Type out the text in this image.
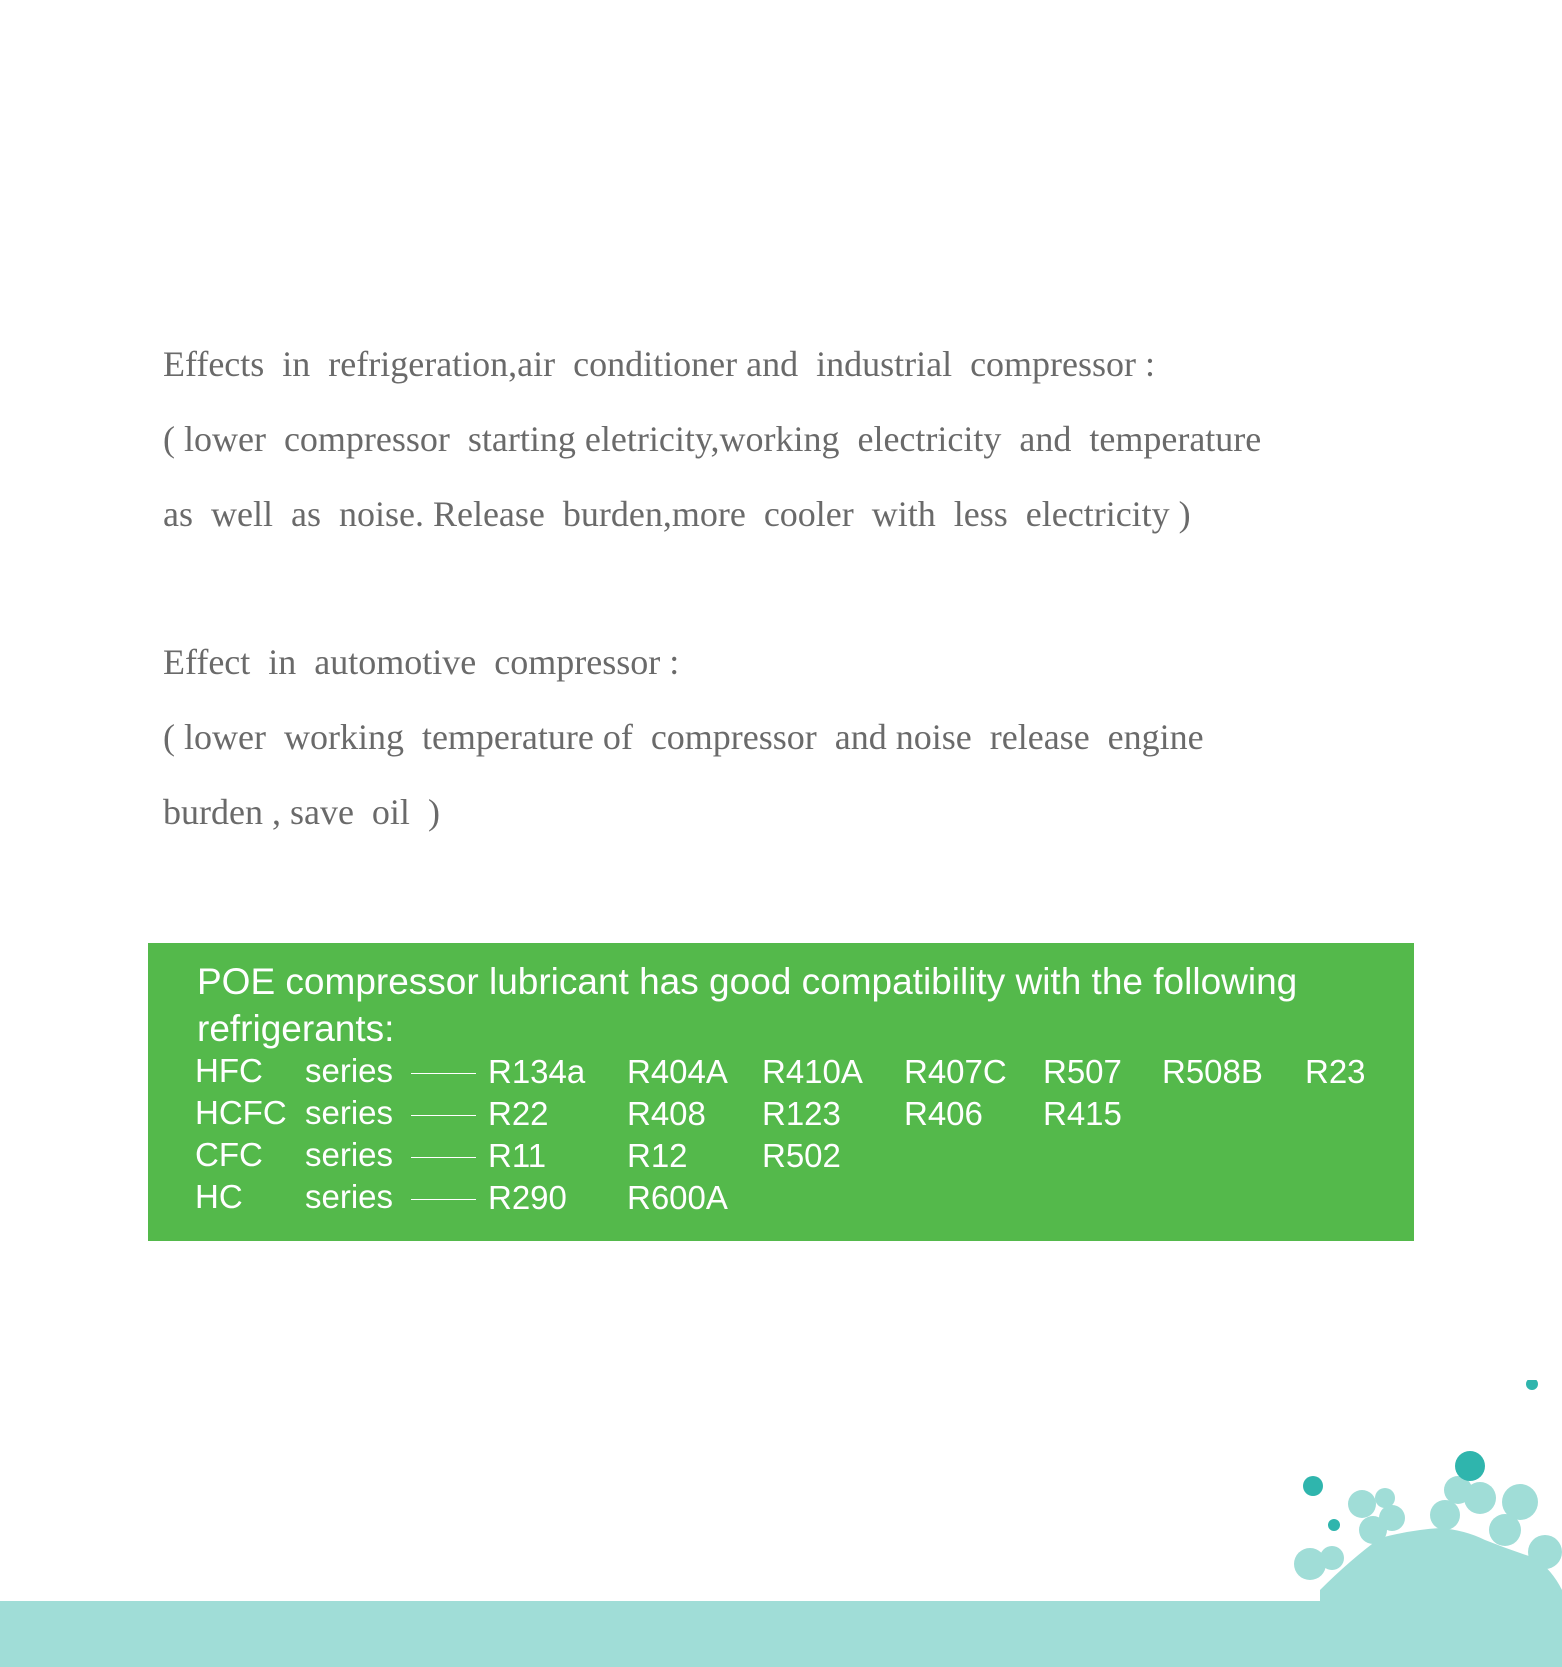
Effects  in  refrigeration,air  conditioner and  industrial  compressor :

( lower  compressor  starting eletricity,working  electricity  and  temperature

as  well  as  noise. Release  burden,more  cooler  with  less  electricity )

Effect  in  automotive  compressor :

( lower  working  temperature of  compressor  and noise  release  engine

burden , save  oil  )

POE compressor lubricant has good compatibility with the following
refrigerants:
HFC series	R134a R404A R410A R407C R507 R508B R23
HCFC series	R22 R408 R123 R406 R415
CFC series	R11 R12 R502
HC series	R290 R600A
